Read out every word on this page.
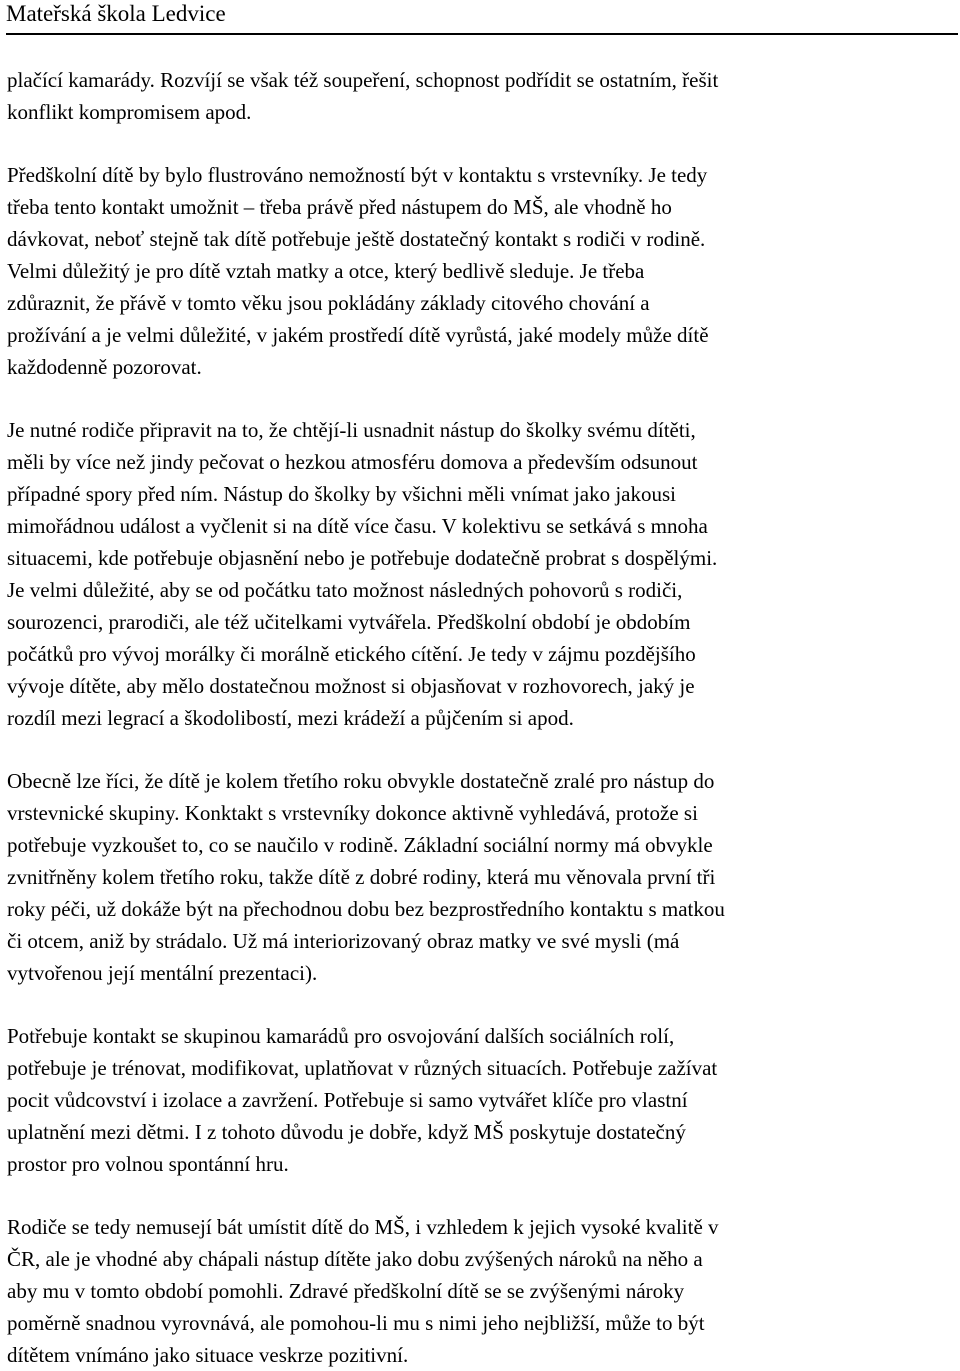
Mateřská škola Ledvice

plačící kamarády. Rozvíjí se však též soupeření, schopnost podřídit se ostatním, řešit
konflikt kompromisem apod.

Předškolní dítě by bylo flustrováno nemožností být v kontaktu s vrstevníky. Je tedy
třeba tento kontakt umožnit – třeba právě před nástupem do MŠ, ale vhodně ho
dávkovat, neboť stejně tak dítě potřebuje ještě dostatečný kontakt s rodiči v rodině.
Velmi důležitý je pro dítě vztah matky a otce, který bedlivě sleduje. Je třeba
zdůraznit, že přávě v tomto věku jsou pokládány základy citového chování a
prožívání a je velmi důležité, v jakém prostředí dítě vyrůstá, jaké modely může dítě
každodenně pozorovat.

Je nutné rodiče připravit na to, že chtějí-li usnadnit nástup do školky svému dítěti,
měli by více než jindy pečovat o hezkou atmosféru domova a především odsunout
případné spory před ním. Nástup do školky by všichni měli vnímat jako jakousi
mimořádnou událost a vyčlenit si na dítě více času. V kolektivu se setkává s mnoha
situacemi, kde potřebuje objasnění nebo je potřebuje dodatečně probrat s dospělými.
Je velmi důležité, aby se od počátku tato možnost následných pohovorů s rodiči,
sourozenci, prarodiči, ale též učitelkami vytvářela. Předškolní období je obdobím
počátků pro vývoj morálky či morálně etického cítění. Je tedy v zájmu pozdějšího
vývoje dítěte, aby mělo dostatečnou možnost si objasňovat v rozhovorech, jaký je
rozdíl mezi legrací a škodolibostí, mezi krádeží a půjčením si apod.

Obecně lze říci, že dítě je kolem třetího roku obvykle dostatečně zralé pro nástup do
vrstevnické skupiny. Konktakt s vrstevníky dokonce aktivně vyhledává, protože si
potřebuje vyzkoušet to, co se naučilo v rodině. Základní sociální normy má obvykle
zvnitřněny kolem třetího roku, takže dítě z dobré rodiny, která mu věnovala první tři
roky péči, už dokáže být na přechodnou dobu bez bezprostředního kontaktu s matkou
či otcem, aniž by strádalo. Už má interiorizovaný obraz matky ve své mysli (má
vytvořenou její mentální prezentaci).

Potřebuje kontakt se skupinou kamarádů pro osvojování dalších sociálních rolí,
potřebuje je trénovat, modifikovat, uplatňovat v různých situacích. Potřebuje zažívat
pocit vůdcovství i izolace a zavržení. Potřebuje si samo vytvářet klíče pro vlastní
uplatnění mezi dětmi. I z tohoto důvodu je dobře, když MŠ poskytuje dostatečný
prostor pro volnou spontánní hru.

Rodiče se tedy nemusejí bát umístit dítě do MŠ, i vzhledem k jejich vysoké kvalitě v
ČR, ale je vhodné aby chápali nástup dítěte jako dobu zvýšených nároků na něho a
aby mu v tomto období pomohli. Zdravé předškolní dítě se se zvýšenými nároky
poměrně snadnou vyrovnává, ale pomohou-li mu s nimi jeho nejbližší, může to být
dítětem vnímáno jako situace veskrze pozitivní.
